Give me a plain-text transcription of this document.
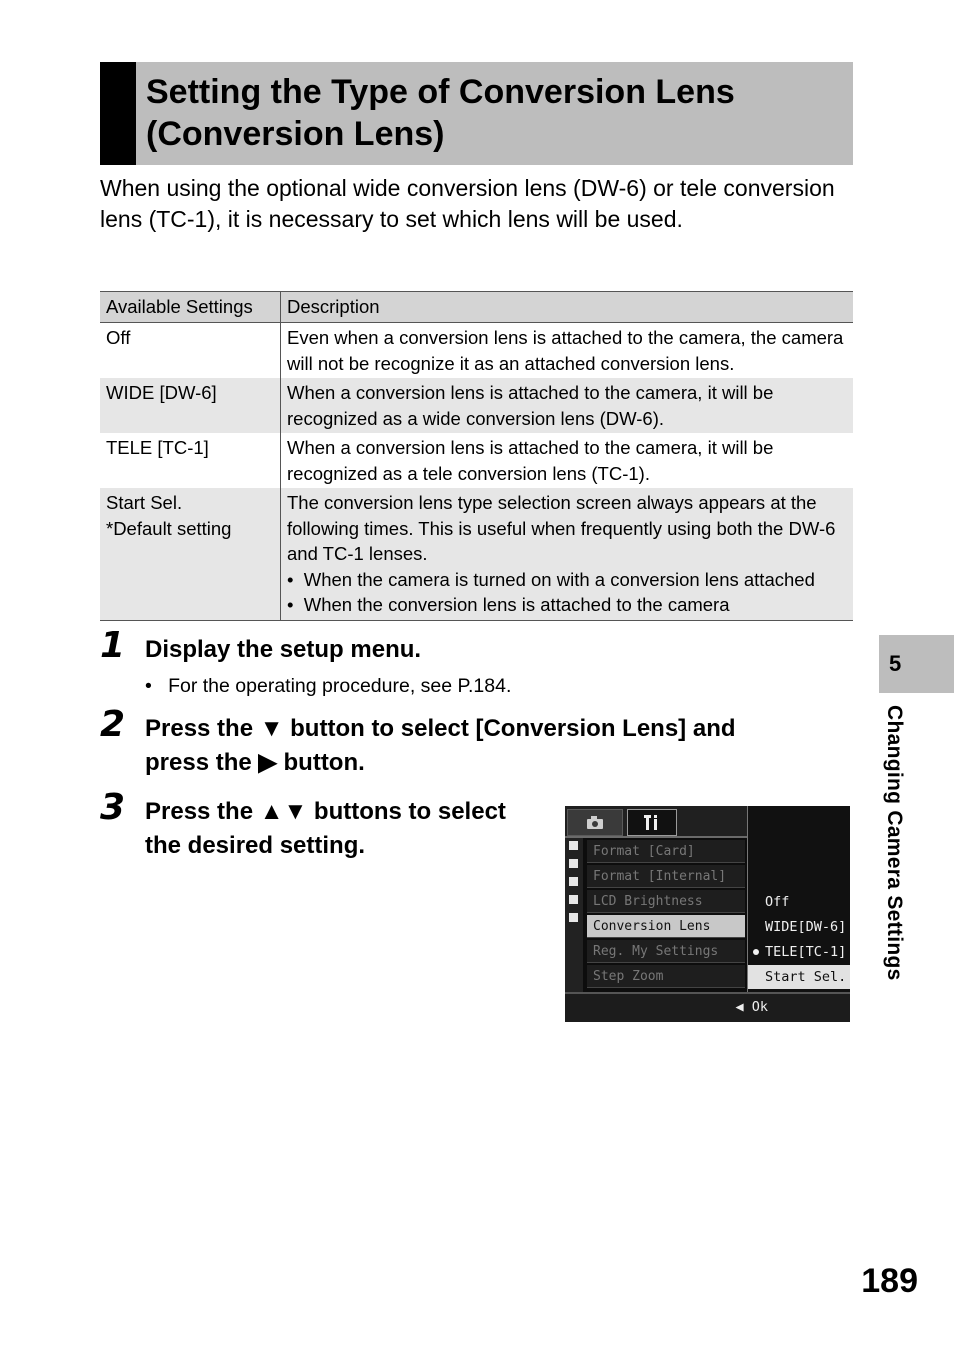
Setting the Type of Conversion Lens
(Conversion Lens)
When using the optional wide conversion lens (DW-6) or tele conversion lens (TC-1), it is necessary to set which lens will be used.
Available Settings	Description
Off	Even when a conversion lens is attached to the camera, the camera will not be recognize it as an attached conversion lens.
WIDE [DW-6]	When a conversion lens is attached to the camera, it will be recognized as a wide conversion lens (DW-6).
TELE [TC-1]	When a conversion lens is attached to the camera, it will be recognized as a tele conversion lens (TC-1).

Start Sel.
*Default setting	The conversion lens type selection screen always appears at the following times. This is useful when frequently using both the DW-6 and TC-1 lenses.
•  When the camera is turned on with a conversion lens attached
•  When the conversion lens is attached to the camera
1 Display the setup menu.
•   For the operating procedure, see P.184.
2 Press the ▼ button to select [Conversion Lens] and
press the ▶ button.
3 Press the ▲▼ buttons to select
the desired setting.	Format [Card]
Format [Internal]
LCD Brightness
Conversion Lens
Reg. My Settings
Step Zoom
Off
WIDE[DW-6]
TELE[TC-1]
Start Sel.
◀ Ok
5
Changing Camera Settings
189
